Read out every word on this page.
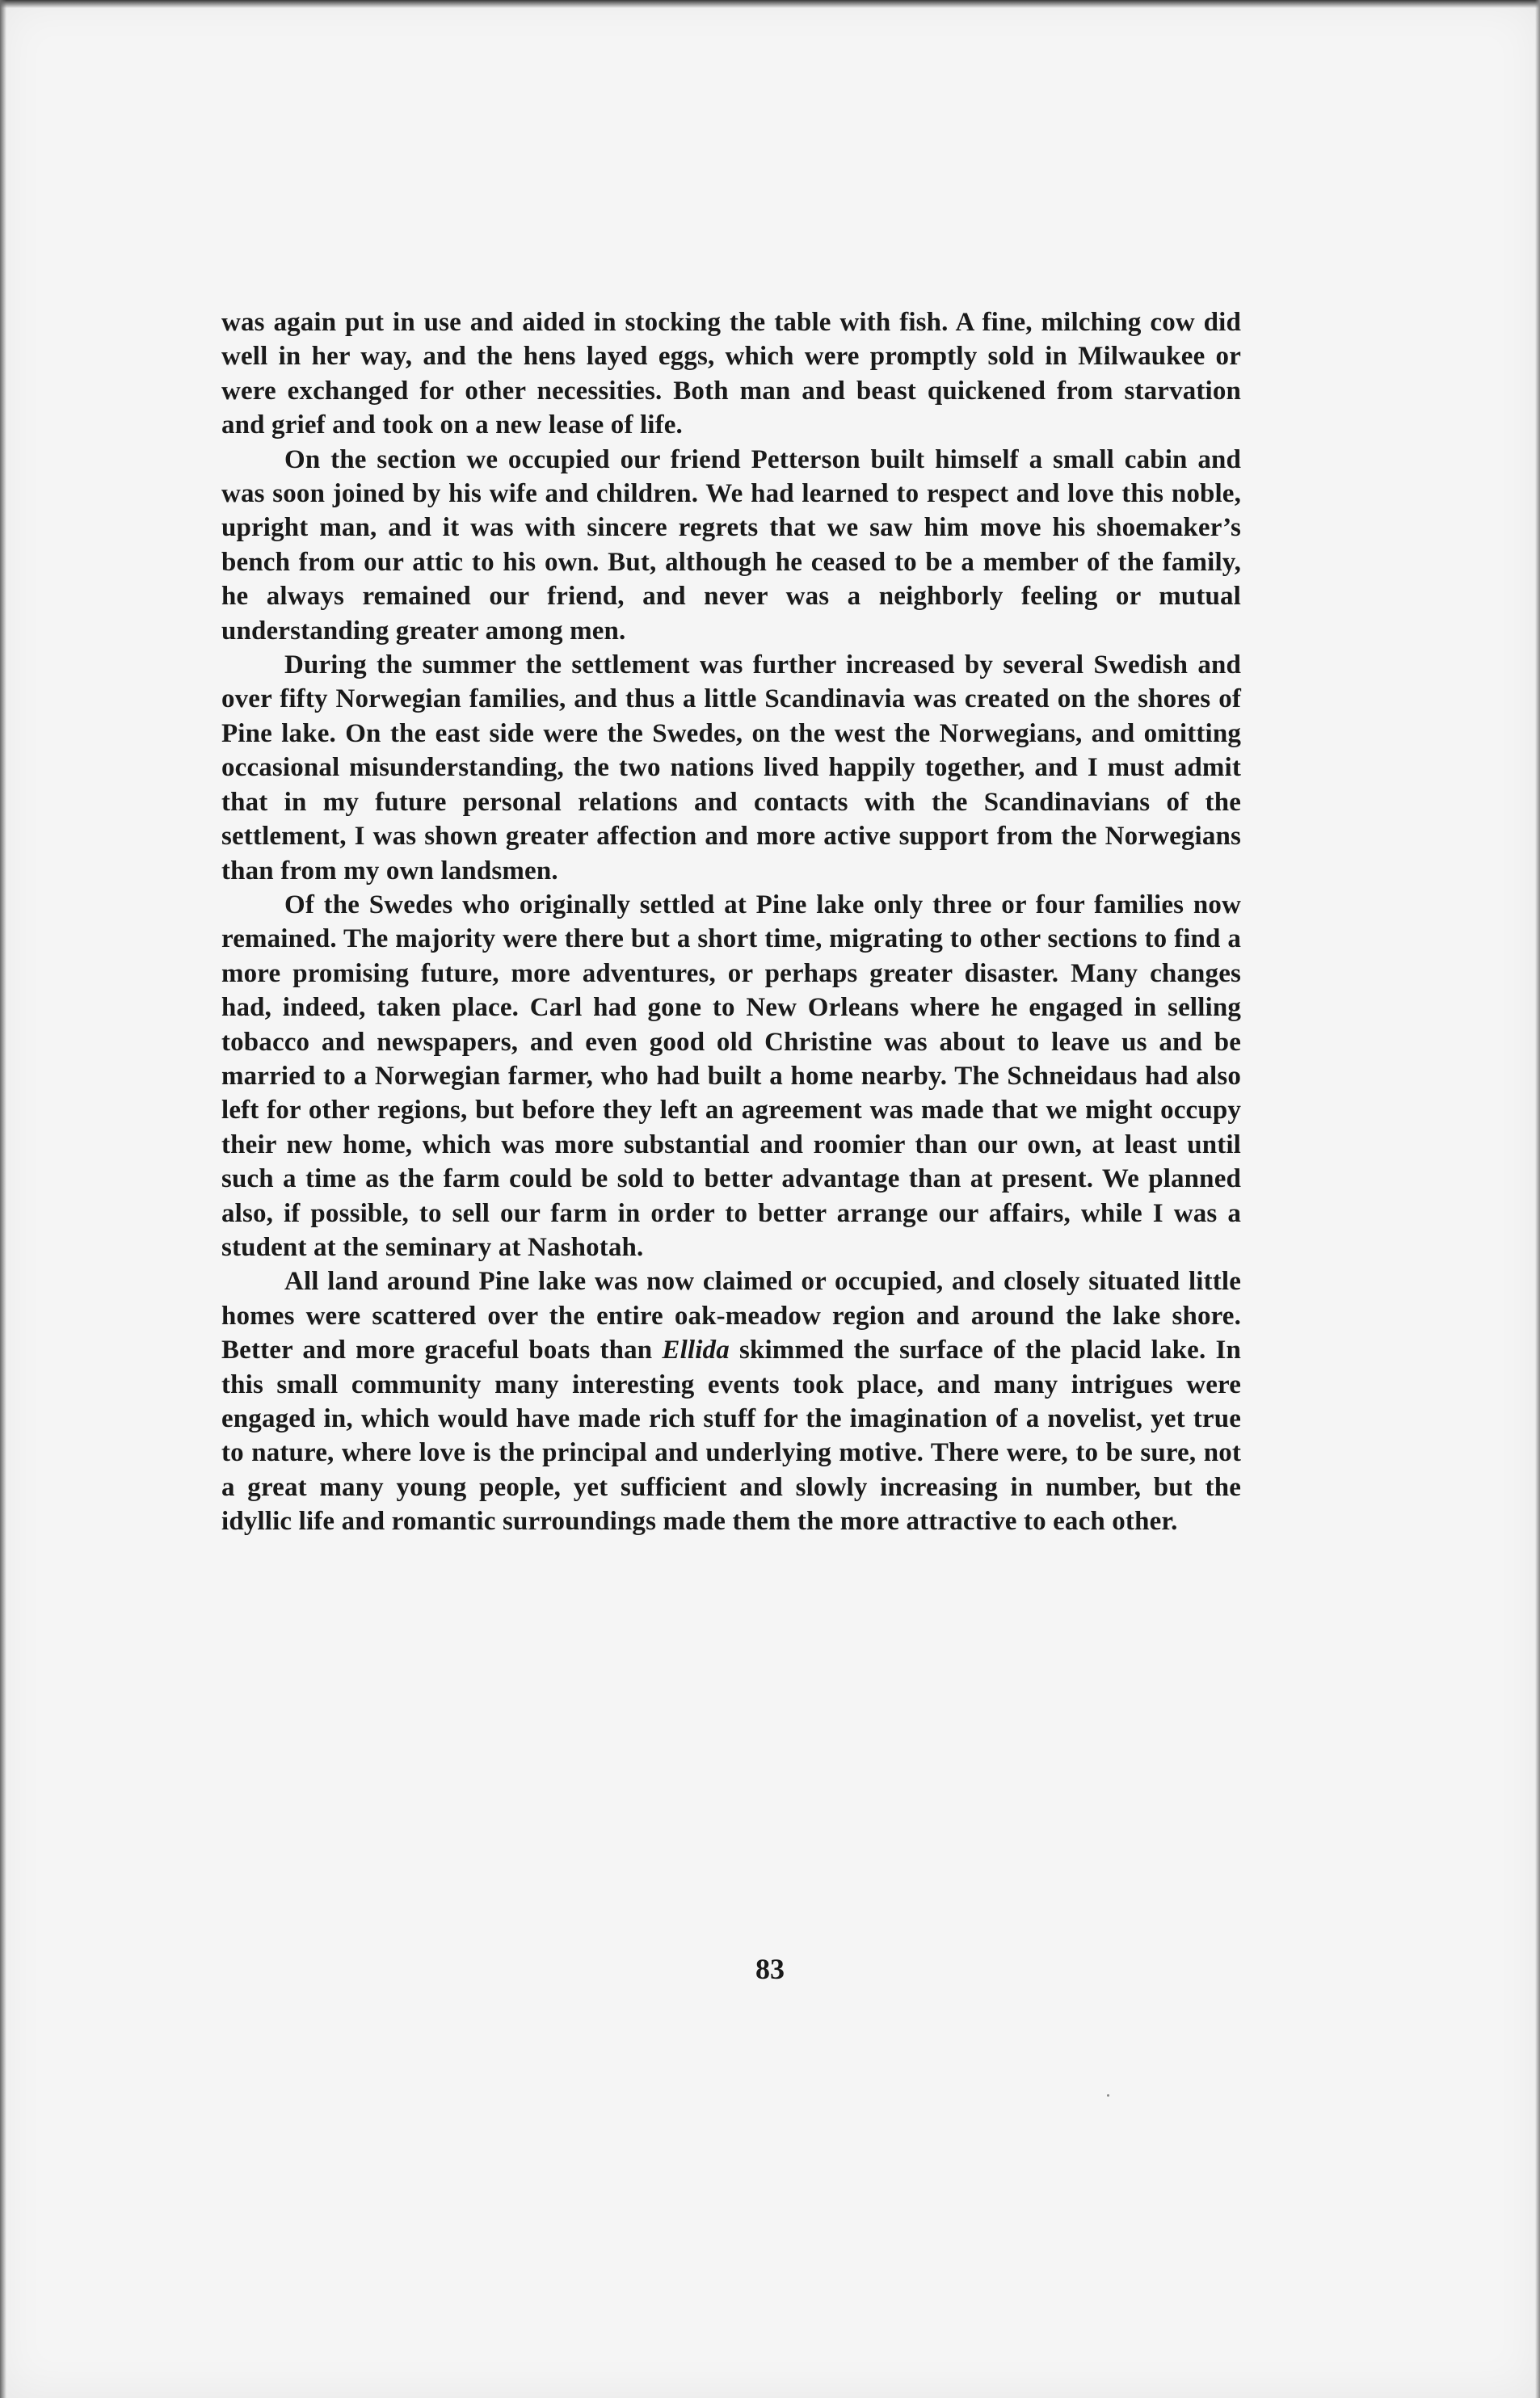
was again put in use and aided in stocking the table with fish. A fine, milching cow did well in her way, and the hens layed eggs, which were promptly sold in Milwaukee or were exchanged for other necessities. Both man and beast quickened from starvation and grief and took on a new lease of life.

On the section we occupied our friend Petterson built himself a small cabin and was soon joined by his wife and children. We had learned to respect and love this noble, upright man, and it was with sincere regrets that we saw him move his shoemaker’s bench from our attic to his own. But, although he ceased to be a member of the family, he always remained our friend, and never was a neighborly feeling or mutual understanding greater among men.

During the summer the settlement was further increased by several Swedish and over fifty Norwegian families, and thus a little Scandinavia was created on the shores of Pine lake. On the east side were the Swedes, on the west the Norwegians, and omitting occasional misunderstanding, the two nations lived happily together, and I must admit that in my future personal relations and contacts with the Scandinavians of the settlement, I was shown greater affection and more active support from the Norwegians than from my own landsmen.

Of the Swedes who originally settled at Pine lake only three or four families now remained. The majority were there but a short time, migrating to other sections to find a more promising future, more adventures, or perhaps greater disaster. Many changes had, indeed, taken place. Carl had gone to New Orleans where he engaged in selling tobacco and newspapers, and even good old Christine was about to leave us and be married to a Norwegian farmer, who had built a home nearby. The Schneidaus had also left for other regions, but before they left an agreement was made that we might occupy their new home, which was more substantial and roomier than our own, at least until such a time as the farm could be sold to better advantage than at present. We planned also, if possible, to sell our farm in order to better arrange our affairs, while I was a student at the seminary at Nashotah.

All land around Pine lake was now claimed or occupied, and closely situated little homes were scattered over the entire oak-meadow region and around the lake shore. Better and more graceful boats than Ellida skimmed the surface of the placid lake. In this small community many interesting events took place, and many intrigues were engaged in, which would have made rich stuff for the imagination of a novelist, yet true to nature, where love is the principal and underlying motive. There were, to be sure, not a great many young people, yet sufficient and slowly increasing in number, but the idyllic life and romantic surroundings made them the more attractive to each other.

83
